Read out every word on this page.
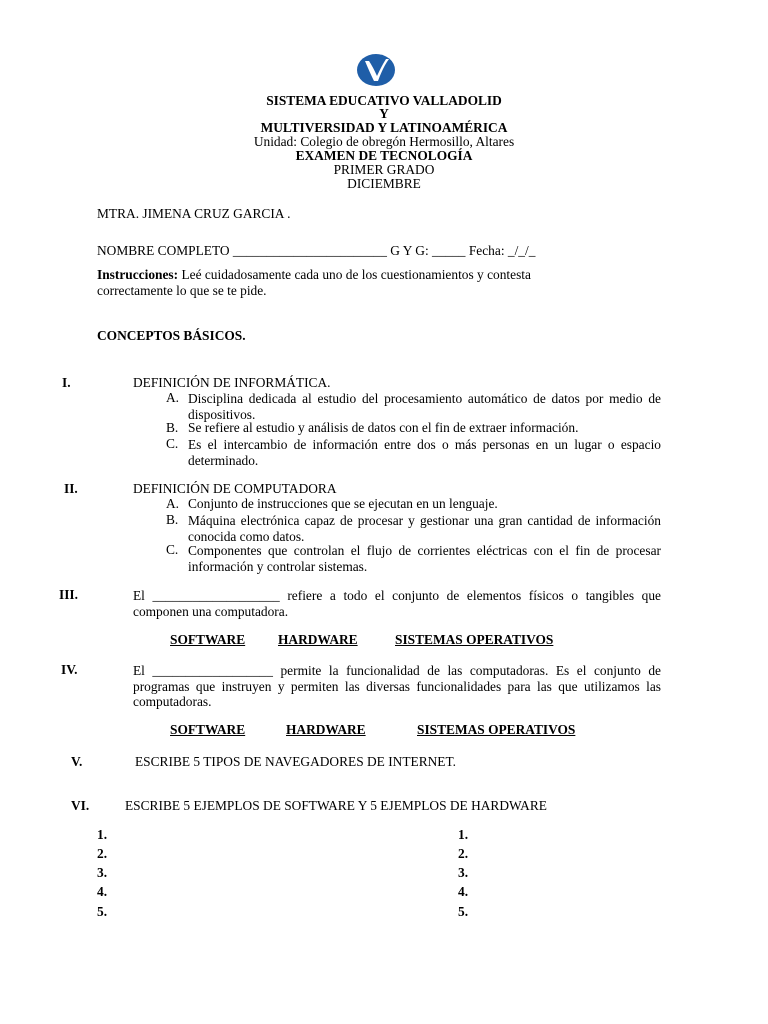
SISTEMA EDUCATIVO VALLADOLID
Y
MULTIVERSIDAD Y LATINOAMÉRICA
Unidad: Colegio de obregón Hermosillo, Altares
EXAMEN DE TECNOLOGÍA
PRIMER GRADO
DICIEMBRE
MTRA. JIMENA CRUZ GARCIA .
NOMBRE COMPLETO _______________________ G Y G: _____ Fecha: _/_/_
Instrucciones: Leé cuidadosamente cada uno de los cuestionamientos y contesta
correctamente lo que se te pide.
CONCEPTOS BÁSICOS.
I.	DEFINICIÓN DE INFORMÁTICA.
A. Disciplina dedicada al estudio del procesamiento automático de datos por medio de dispositivos.
B. Se refiere al estudio y análisis de datos con el fin de extraer información.
C. Es el intercambio de información entre dos o más personas en un lugar o espacio determinado.
II.	DEFINICIÓN DE COMPUTADORA
A. Conjunto de instrucciones que se ejecutan en un lenguaje.
B. Máquina electrónica capaz de procesar y gestionar una gran cantidad de información conocida como datos.
C. Componentes que controlan el flujo de corrientes eléctricas con el fin de procesar información y controlar sistemas.
III.	El ___________________ refiere a todo el conjunto de elementos físicos o tangibles que componen una computadora.
SOFTWARE HARDWARE	SISTEMAS OPERATIVOS
IV.	El __________________ permite la funcionalidad de las computadoras. Es el conjunto de programas que instruyen y permiten las diversas funcionalidades para las que utilizamos las computadoras.
SOFTWARE	HARDWARE	SISTEMAS OPERATIVOS
V.	ESCRIBE 5 TIPOS DE NAVEGADORES DE INTERNET.
VI.	ESCRIBE 5 EJEMPLOS DE SOFTWARE Y 5 EJEMPLOS DE HARDWARE
1.
2.
3.
4.
5.
1.
2.
3.
4.
5.
